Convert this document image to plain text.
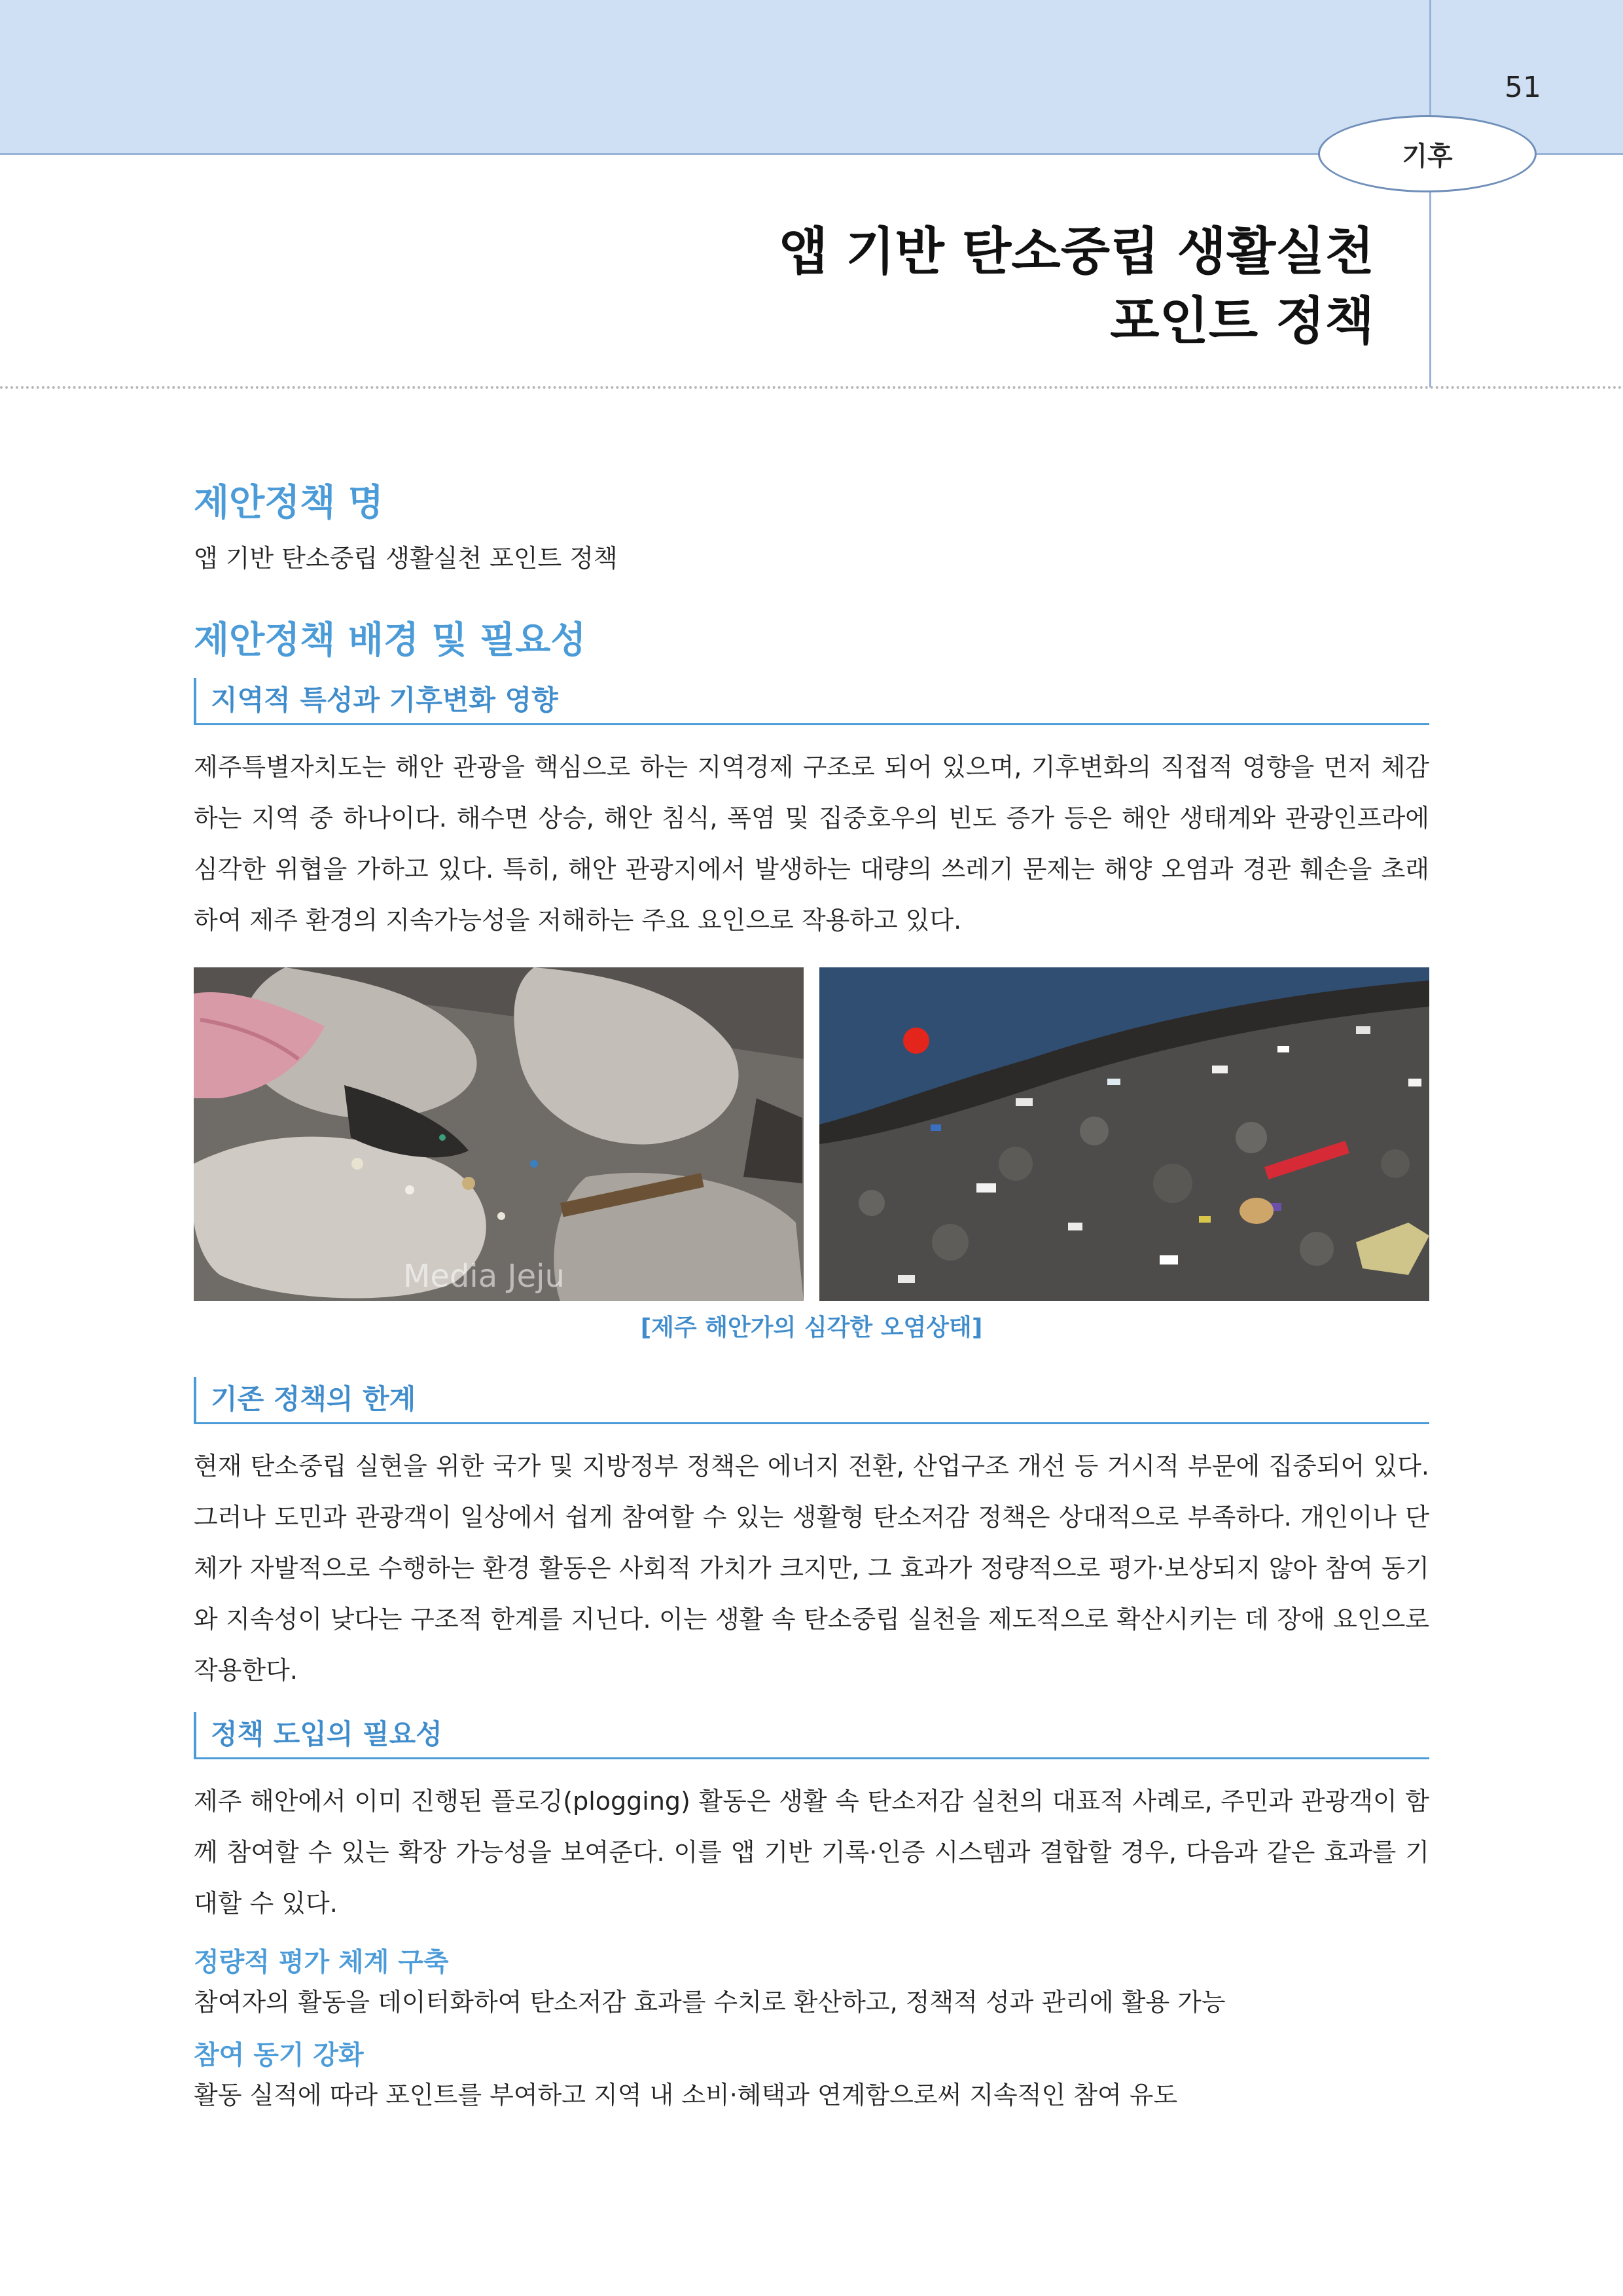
51
기후
앱 기반 탄소중립 생활실천
포인트 정책
제안정책 명
앱 기반 탄소중립 생활실천 포인트 정책
제안정책 배경 및 필요성
지역적 특성과 기후변화 영향

제주특별자치도는 해안 관광을 핵심으로 하는 지역경제 구조로 되어 있으며, 기후변화의 직접적 영향을 먼저 체감하는 지역 중 하나이다. 해수면 상승, 해안 침식, 폭염 및 집중호우의 빈도 증가 등은 해안 생태계와 관광인프라에 심각한 위협을 가하고 있다. 특히, 해안 관광지에서 발생하는 대량의 쓰레기 문제는 해양 오염과 경관 훼손을 초래하여 제주 환경의 지속가능성을 저해하는 주요 요인으로 작용하고 있다.

Media Jeju
[제주 해안가의 심각한 오염상태]
기존 정책의 한계

현재 탄소중립 실현을 위한 국가 및 지방정부 정책은 에너지 전환, 산업구조 개선 등 거시적 부문에 집중되어 있다. 그러나 도민과 관광객이 일상에서 쉽게 참여할 수 있는 생활형 탄소저감 정책은 상대적으로 부족하다. 개인이나 단체가 자발적으로 수행하는 환경 활동은 사회적 가치가 크지만, 그 효과가 정량적으로 평가·보상되지 않아 참여 동기와 지속성이 낮다는 구조적 한계를 지닌다. 이는 생활 속 탄소중립 실천을 제도적으로 확산시키는 데 장애 요인으로 작용한다.

정책 도입의 필요성

제주 해안에서 이미 진행된 플로깅(plogging) 활동은 생활 속 탄소저감 실천의 대표적 사례로, 주민과 관광객이 함께 참여할 수 있는 확장 가능성을 보여준다. 이를 앱 기반 기록·인증 시스템과 결합할 경우, 다음과 같은 효과를 기대할 수 있다.

정량적 평가 체계 구축
참여자의 활동을 데이터화하여 탄소저감 효과를 수치로 환산하고, 정책적 성과 관리에 활용 가능
참여 동기 강화
활동 실적에 따라 포인트를 부여하고 지역 내 소비·혜택과 연계함으로써 지속적인 참여 유도
